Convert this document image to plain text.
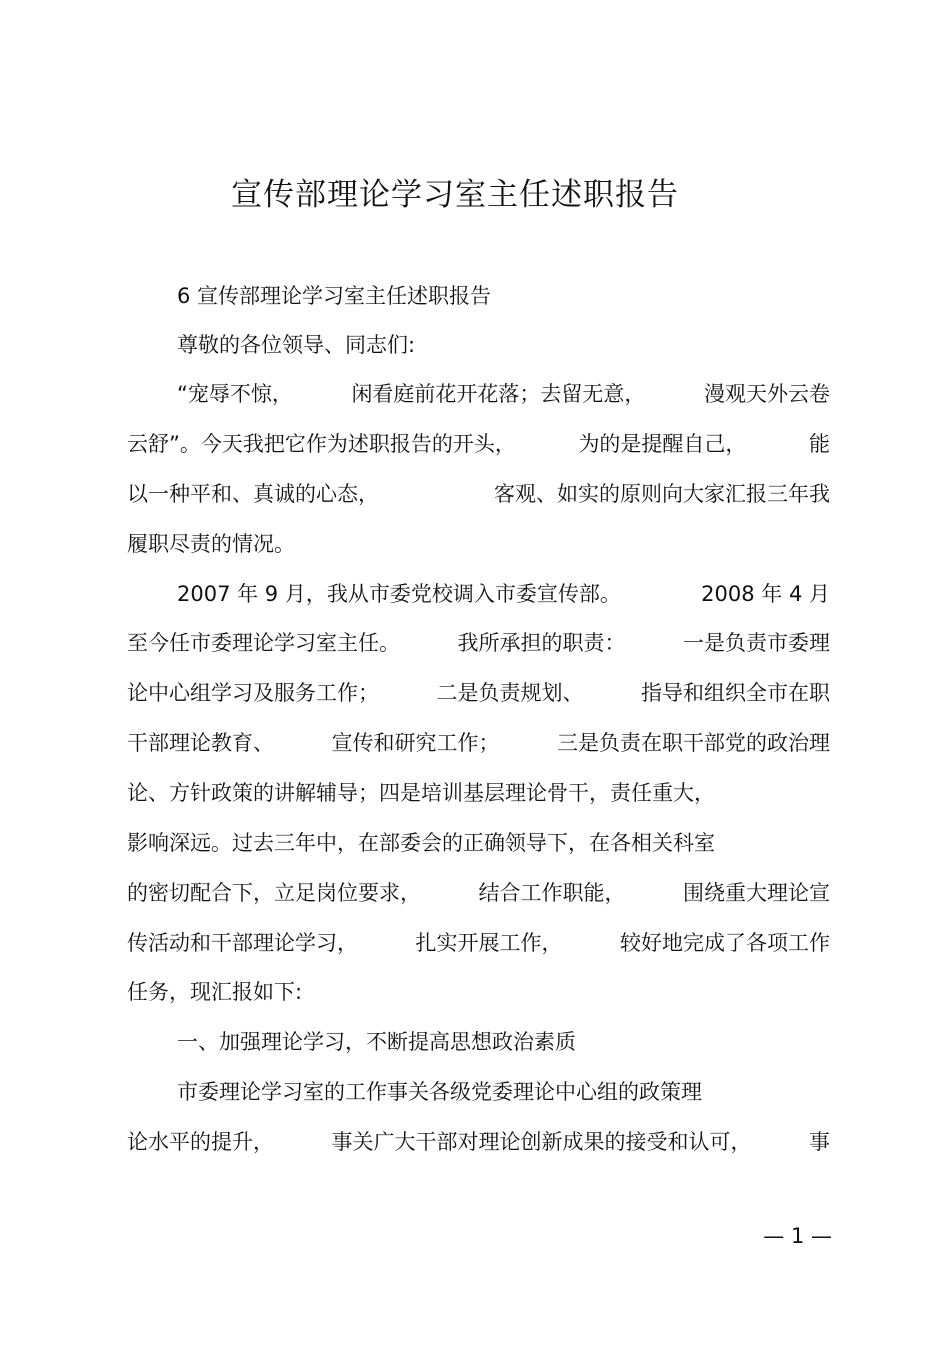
宣传部理论学习室主任述职报告
6 宣传部理论学习室主任述职报告
尊敬的各位领导、同志们:
“宠辱不惊，	闲看庭前花开花落；去留无意，	漫观天外云卷
云舒”。今天我把它作为述职报告的开头，	为的是提醒自己，	能
以一种平和、真诚的心态，	客观、如实的原则向大家汇报三年我
履职尽责的情况。
2007 年 9 月，我从市委党校调入市委宣传部。	2008 年 4 月
至今任市委理论学习室主任。	我所承担的职责：	一是负责市委理
论中心组学习及服务工作；	二是负责规划、	指导和组织全市在职
干部理论教育、	宣传和研究工作；	三是负责在职干部党的政治理
论、方针政策的讲解辅导；四是培训基层理论骨干，责任重大，
影响深远。过去三年中，在部委会的正确领导下，在各相关科室
的密切配合下，立足岗位要求，	结合工作职能，	围绕重大理论宣
传活动和干部理论学习，	扎实开展工作，	较好地完成了各项工作
任务，现汇报如下:
一、加强理论学习，不断提高思想政治素质
市委理论学习室的工作事关各级党委理论中心组的政策理
论水平的提升，	事关广大干部对理论创新成果的接受和认可，	事
— 1 —
